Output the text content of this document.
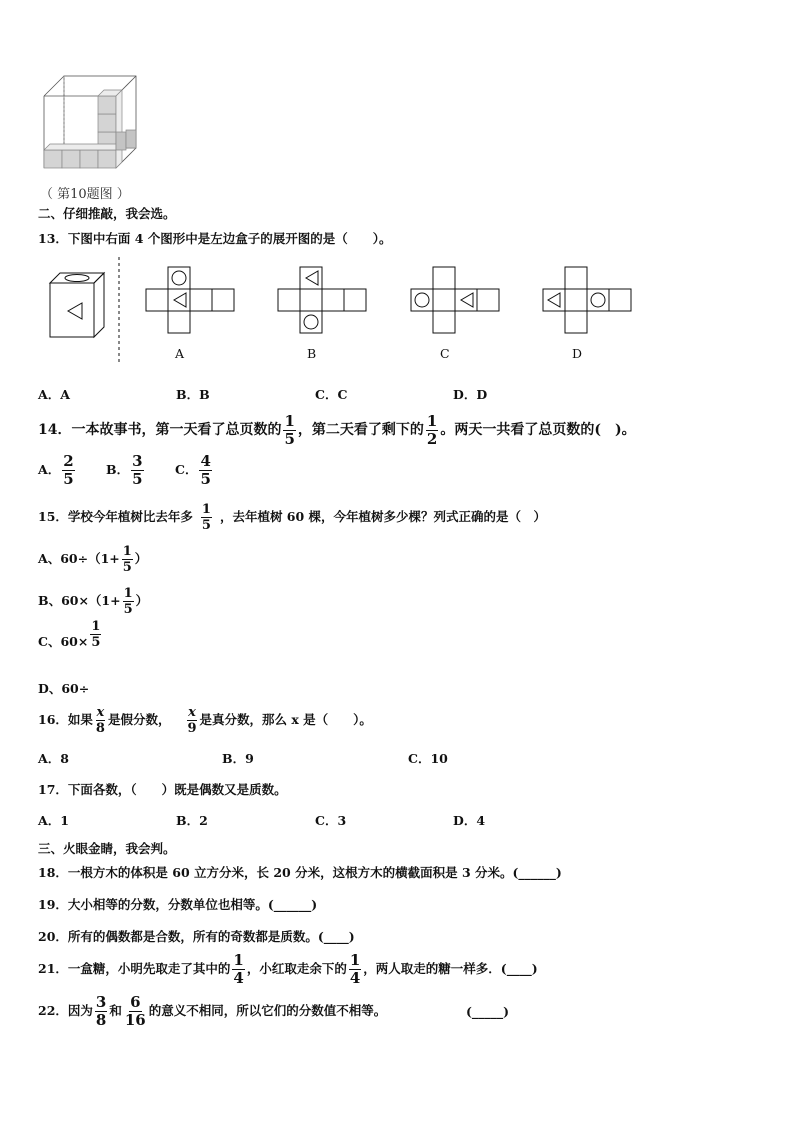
（ 第10题图 ）
二、仔细推敲，我会选。
13．下图中右面 4 个图形中是左边盒子的展开图的是（　　）。
A	B	C	D
A．A	B．B	C．C	D．D
14．一本故事书，第一天看了总页数的 $\frac{1}{5}$ ，第二天看了剩下的 $\frac{1}{2}$ 。两天一共看了总页数的(　)。
A． $\frac{2}{5}$	B． $\frac{3}{5}$	C． $\frac{4}{5}$
15．学校今年植树比去年多 $\frac{1}{5}$ ，去年植树 60 棵，今年植树多少棵？列式正确的是（　）
A、$60\div(1+ \frac{1}{5}$ ）
B、$60\times(1+ \frac{1}{5}$ ）
C、$60\times \frac{1}{5}$
D、60÷
16．如果 $\frac{x}{8}$ 是假分数， $\frac{x}{9}$ 是真分数，那么 x 是（　　）。
A．8	B．9	C．10
17．下面各数，（　　）既是偶数又是质数。
A．1	B．2	C．3	D．4
三、火眼金睛，我会判。
18．一根方木的体积是 60 立方分米，长 20 分米，这根方木的横截面积是 3 分米。(______)
19．大小相等的分数，分数单位也相等。(______)
20．所有的偶数都是合数，所有的奇数都是质数。(____)
21．一盒糖，小明先取走了其中的 $\frac{1}{4}$ ，小红取走余下的 $\frac{1}{4}$ ，两人取走的糖一样多．(____)
22．因为 $\frac{3}{8}$ 和 $\frac{6}{16}$ 的意义不相同，所以它们的分数值不相等。	(_____)
